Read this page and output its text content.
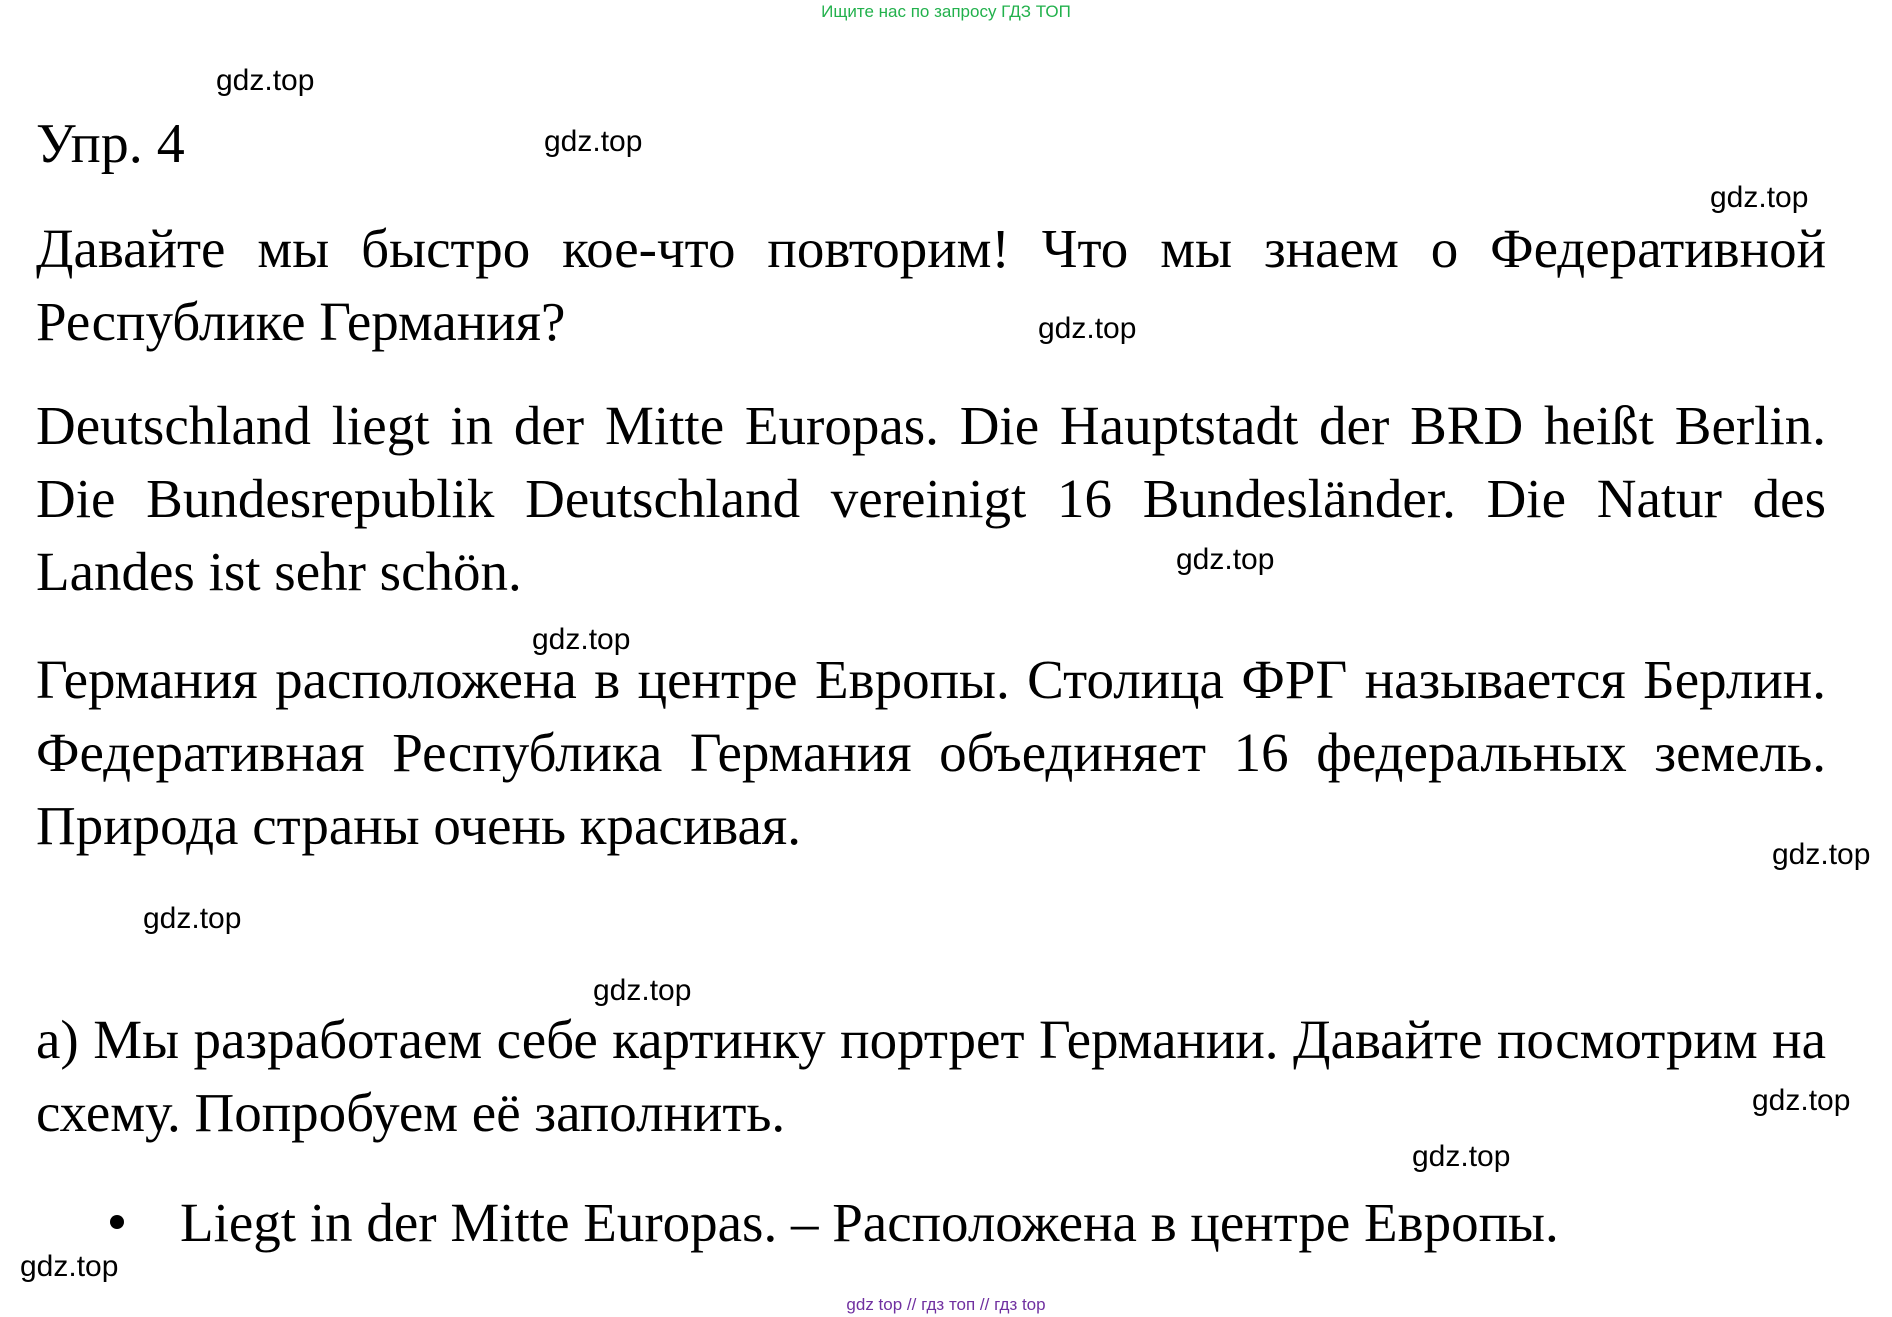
Ищите нас по запросу ГДЗ ТОП
Упр. 4

Давайте мы быстро кое-что повторим! Что мы знаем о Федеративной Республике Германия?

Deutschland liegt in der Mitte Europas. Die Hauptstadt der BRD heißt Berlin. Die Bundesrepublik Deutschland vereinigt 16 Bundesländer. Die Natur des Landes ist sehr schön.

Германия расположена в центре Европы. Столица ФРГ называется Берлин. Федеративная Республика Германия объединяет 16 федеральных земель. Природа страны очень красивая.

а) Мы разработаем себе картинку портрет Германии. Давайте посмотрим на схему. Попробуем её заполнить.

Liegt in der Mitte Europas. – Расположена в центре Европы.
gdz.top
gdz.top
gdz.top
gdz.top
gdz.top
gdz.top
gdz.top
gdz.top
gdz.top
gdz.top
gdz.top
gdz.top
gdz top // гдз топ // гдз top
